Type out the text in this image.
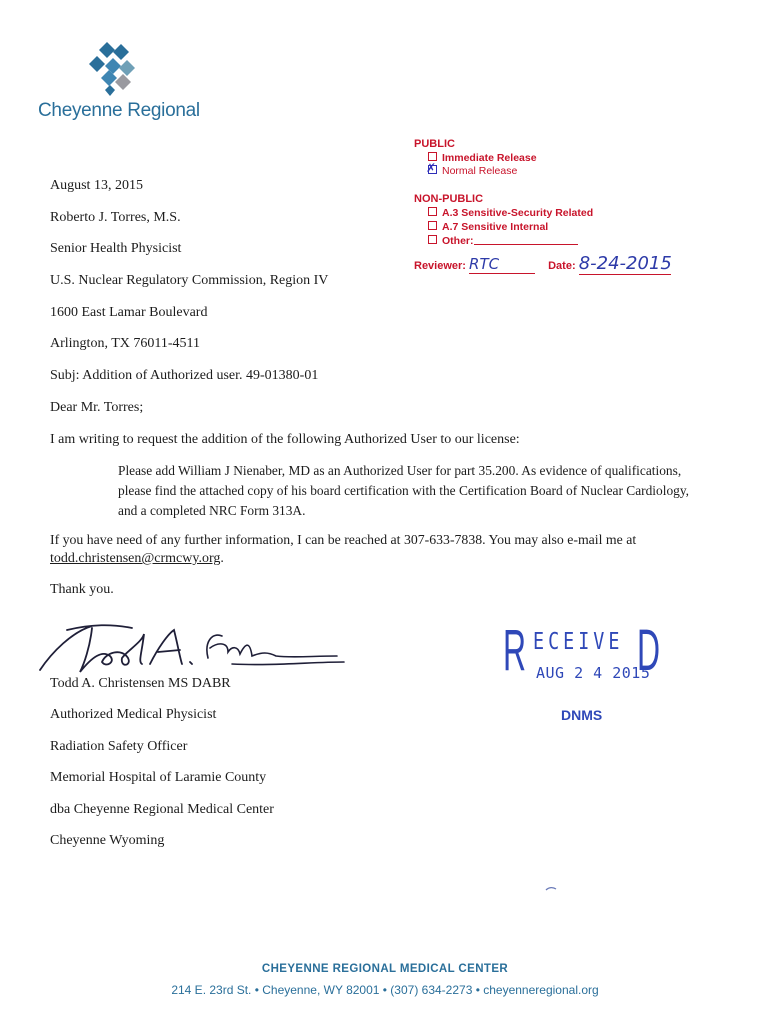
Cheyenne Regional
PUBLIC
Immediate Release
✗ Normal Release
NON-PUBLIC
A.3 Sensitive-Security Related
A.7 Sensitive Internal
Other:
Reviewer: RTC	Date: 8-24-2015
August 13, 2015
Roberto J. Torres, M.S.
Senior Health Physicist
U.S. Nuclear Regulatory Commission, Region IV
1600 East Lamar Boulevard
Arlington, TX 76011-4511
Subj: Addition of Authorized user. 49-01380-01
Dear Mr. Torres;
I am writing to request the addition of the following Authorized User to our license:
Please add William J Nienaber, MD as an Authorized User for part 35.200. As evidence of qualifications,
please find the attached copy of his board certification with the Certification Board of Nuclear Cardiology,
and a completed NRC Form 313A.
If you have need of any further information, I can be reached at 307-633-7838. You may also e-mail me at
todd.christensen@crmcwy.org.
Thank you.
Todd A. Christensen MS DABR
Authorized Medical Physicist
Radiation Safety Officer
Memorial Hospital of Laramie County
dba Cheyenne Regional Medical Center
Cheyenne Wyoming
R ECEIVE D
AUG 2 4 2015
DNMS
CHEYENNE REGIONAL MEDICAL CENTER
214 E. 23rd St. • Cheyenne, WY 82001 • (307) 634-2273 • cheyenneregional.org
